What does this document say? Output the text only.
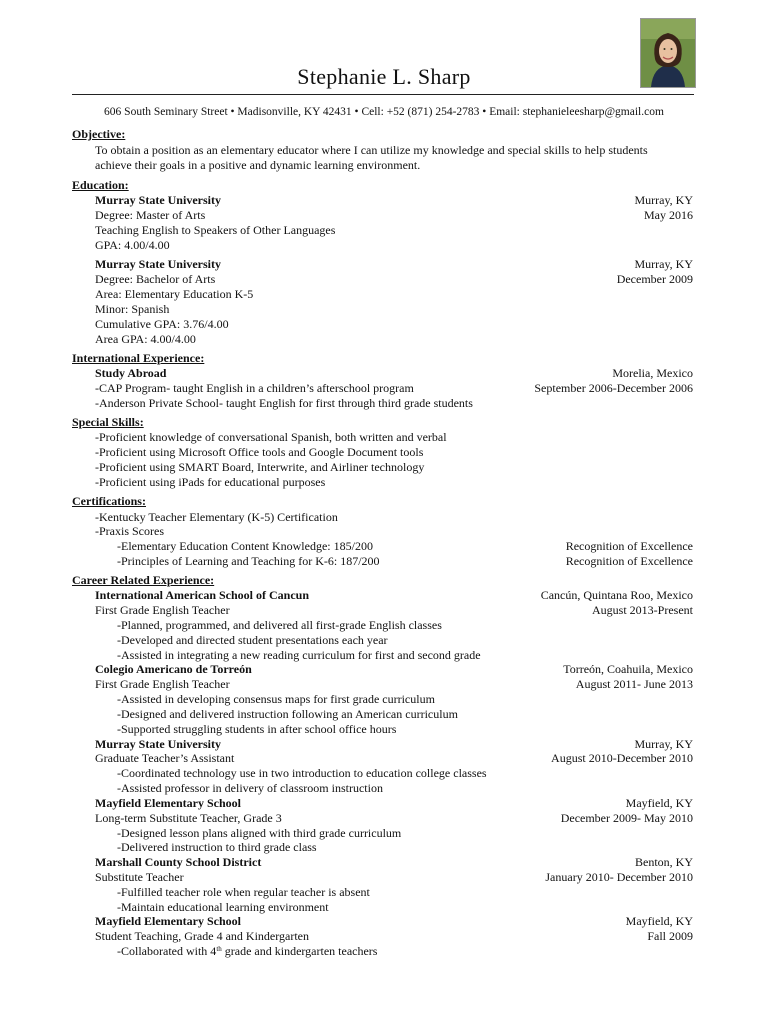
Stephanie L. Sharp
606 South Seminary Street • Madisonville, KY 42431 • Cell: +52 (871) 254-2783 • Email: stephanieleesharp@gmail.com
Objective:
To obtain a position as an elementary educator where I can utilize my knowledge and special skills to help students
achieve their goals in a positive and dynamic learning environment.
Education:
Murray State University	Murray, KY
Degree: Master of Arts	May 2016
Teaching English to Speakers of Other Languages
GPA: 4.00/4.00
Murray State University	Murray, KY
Degree: Bachelor of Arts	December 2009
Area: Elementary Education K-5
Minor: Spanish
Cumulative GPA: 3.76/4.00
Area GPA: 4.00/4.00
International Experience:
Study Abroad	Morelia, Mexico
-CAP Program- taught English in a children’s afterschool program	September 2006-December 2006
-Anderson Private School- taught English for first through third grade students
Special Skills:
-Proficient knowledge of conversational Spanish, both written and verbal
-Proficient using Microsoft Office tools and Google Document tools
-Proficient using SMART Board, Interwrite, and Airliner technology
-Proficient using iPads for educational purposes
Certifications:
-Kentucky Teacher Elementary (K-5) Certification
-Praxis Scores
-Elementary Education Content Knowledge: 185/200	Recognition of Excellence
-Principles of Learning and Teaching for K-6: 187/200	Recognition of Excellence
Career Related Experience:
International American School of Cancun	Cancún, Quintana Roo, Mexico
First Grade English Teacher	August 2013-Present
-Planned, programmed, and delivered all first-grade English classes
-Developed and directed student presentations each year
-Assisted in integrating a new reading curriculum for first and second grade
Colegio Americano de Torreón	Torreón, Coahuila, Mexico
First Grade English Teacher	August 2011- June 2013
-Assisted in developing consensus maps for first grade curriculum
-Designed and delivered instruction following an American curriculum
-Supported struggling students in after school office hours
Murray State University	Murray, KY
Graduate Teacher’s Assistant	August 2010-December 2010
-Coordinated technology use in two introduction to education college classes
-Assisted professor in delivery of classroom instruction
Mayfield Elementary School	Mayfield, KY
Long-term Substitute Teacher, Grade 3	December 2009- May 2010
-Designed lesson plans aligned with third grade curriculum
-Delivered instruction to third grade class
Marshall County School District	Benton, KY
Substitute Teacher	January 2010- December 2010
-Fulfilled teacher role when regular teacher is absent
-Maintain educational learning environment
Mayfield Elementary School	Mayfield, KY
Student Teaching, Grade 4 and Kindergarten	Fall 2009
-Collaborated with 4th grade and kindergarten teachers
